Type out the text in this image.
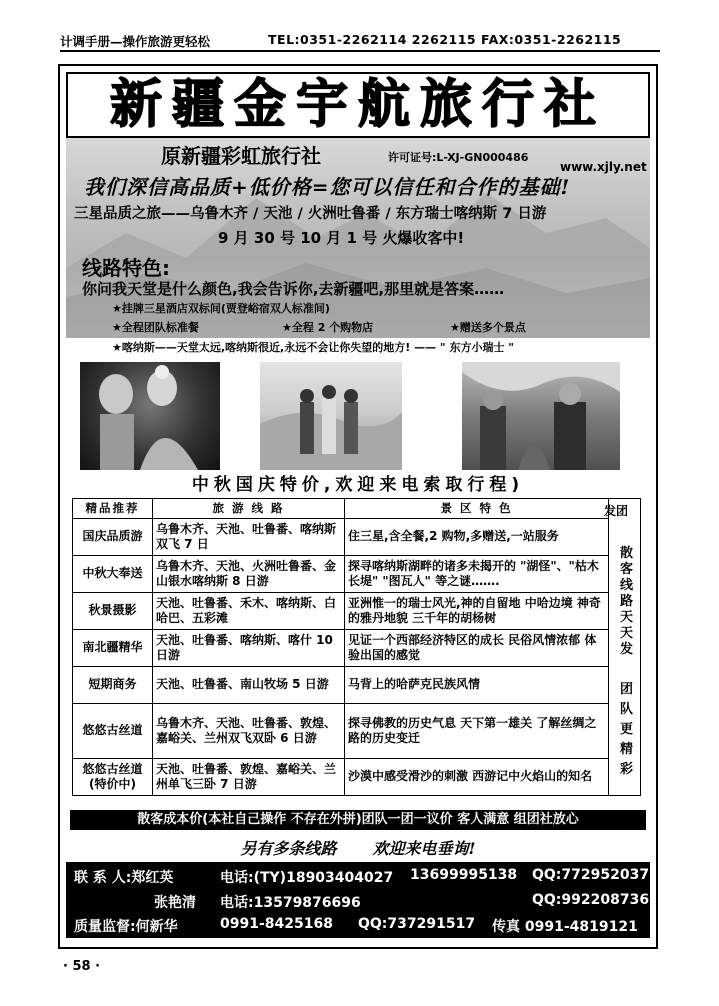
计调手册—操作旅游更轻松	TEL:0351-2262114 2262115 FAX:0351-2262115
新疆金宇航旅行社
原新疆彩虹旅行社	许可证号:L-XJ-GN000486
www.xjly.net
我们深信高品质+低价格=您可以信任和合作的基础!
三星品质之旅——乌鲁木齐 / 天池 / 火洲吐鲁番 / 东方瑞士喀纳斯 7 日游
9 月 30 号 10 月 1 号 火爆收客中!
线路特色:
你问我天堂是什么颜色,我会告诉你,去新疆吧,那里就是答案……
★挂牌三星酒店双标间(贾登峪宿双人标准间)
★全程团队标准餐	★全程 2 个购物店	★赠送多个景点
★喀纳斯——天堂太远,喀纳斯很近,永远不会让你失望的地方! —— " 东方小瑞士 "
中秋国庆特价,欢迎来电索取行程)
精品推荐	旅 游 线 路	景 区 特 色	
国庆品质游	乌鲁木齐、天池、吐鲁番、喀纳斯双飞 7 日	住三星,含全餐,2 购物,多赠送,一站服务	
中秋大奉送	乌鲁木齐、天池、火洲吐鲁番、金山银水喀纳斯 8 日游	探寻喀纳斯湖畔的诸多未揭开的 "湖怪"、"枯木长堤" "图瓦人" 等之谜…….	
秋景摄影	天池、吐鲁番、禾木、喀纳斯、白哈巴、五彩滩	亚洲惟一的瑞士风光,神的自留地 中哈边境 神奇的雅丹地貌 三千年的胡杨树	
南北疆精华	天池、吐鲁番、喀纳斯、喀什 10 日游	见证一个西部经济特区的成长 民俗风情浓郁 体验出国的感觉	
短期商务	天池、吐鲁番、南山牧场 5 日游	马背上的哈萨克民族风情	
悠悠古丝道	乌鲁木齐、天池、吐鲁番、敦煌、嘉峪关、兰州双飞双卧 6 日游	探寻佛教的历史气息 天下第一雄关 了解丝绸之路的历史变迁	
悠悠古丝道(特价中)	天池、吐鲁番、敦煌、嘉峪关、兰州单飞三卧 7 日游	沙漠中感受滑沙的刺激 西游记中火焰山的知名	
发团
散客线路天天发
团队更精彩
散客成本价(本社自己操作 不存在外拼)团队一团一议价 客人满意 组团社放心
另有多条线路 欢迎来电垂询!
联 系 人:郑红英	电话:(TY)18903404027 13699995138 QQ:772952037
张艳清 电话:13579876696	QQ:992208736
质量监督:何新华	0991-8425168 QQ:737291517 传真 0991-4819121
· 58 ·
